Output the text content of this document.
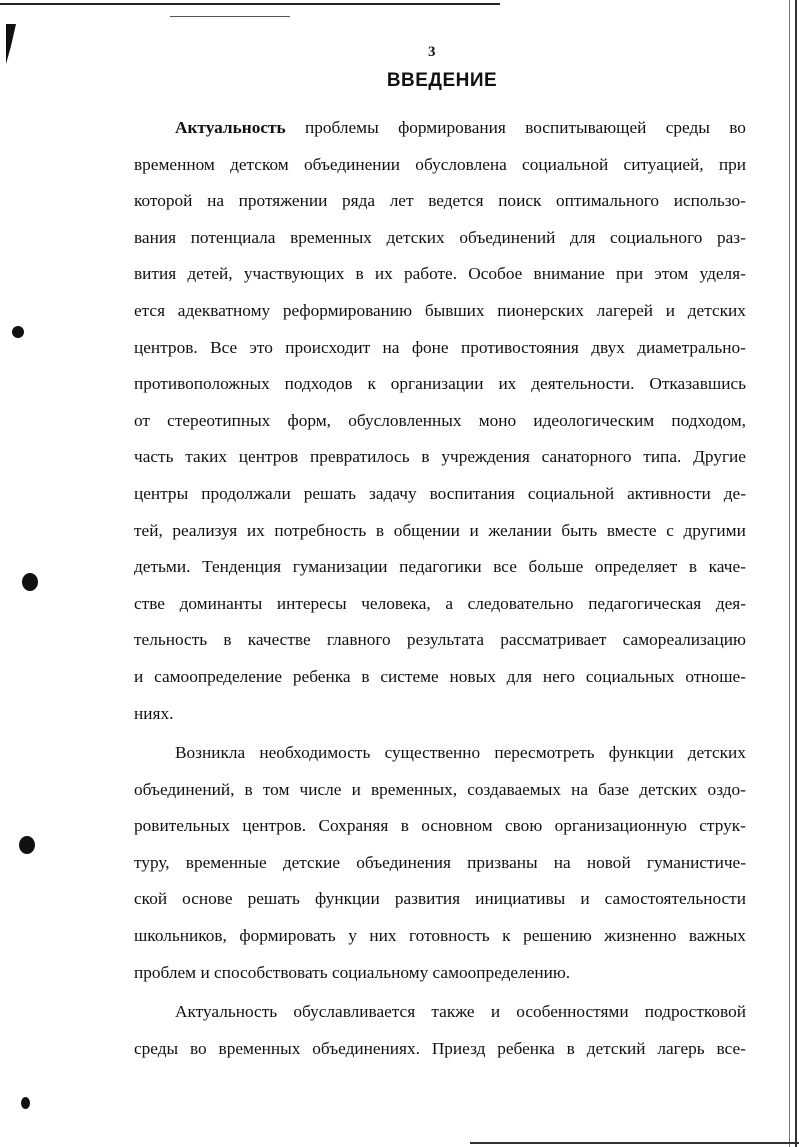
3
ВВЕДЕНИЕ
Актуальность проблемы формирования воспитывающей среды во
временном детском объединении обусловлена социальной ситуацией, при
которой на протяжении ряда лет ведется поиск оптимального использо-
вания потенциала временных детских объединений для социального раз-
вития детей, участвующих в их работе. Особое внимание при этом уделя-
ется адекватному реформированию бывших пионерских лагерей и детских
центров. Все это происходит на фоне противостояния двух диаметрально-
противоположных подходов к организации их деятельности. Отказавшись
от стереотипных форм, обусловленных моно идеологическим подходом,
часть таких центров превратилось в учреждения санаторного типа. Другие
центры продолжали решать задачу воспитания социальной активности де-
тей, реализуя их потребность в общении и желании быть вместе с другими
детьми. Тенденция гуманизации педагогики все больше определяет в каче-
стве доминанты интересы человека, а следовательно педагогическая дея-
тельность в качестве главного результата рассматривает самореализацию
и самоопределение ребенка в системе новых для него социальных отноше-
ниях.
Возникла необходимость существенно пересмотреть функции детских
объединений, в том числе и временных, создаваемых на базе детских оздо-
ровительных центров. Сохраняя в основном свою организационную струк-
туру, временные детские объединения призваны на новой гуманистиче-
ской основе решать функции развития инициативы и самостоятельности
школьников, формировать у них готовность к решению жизненно важных
проблем и способствовать социальному самоопределению.
Актуальность обуславливается также и особенностями подростковой
среды во временных объединениях. Приезд ребенка в детский лагерь все-
